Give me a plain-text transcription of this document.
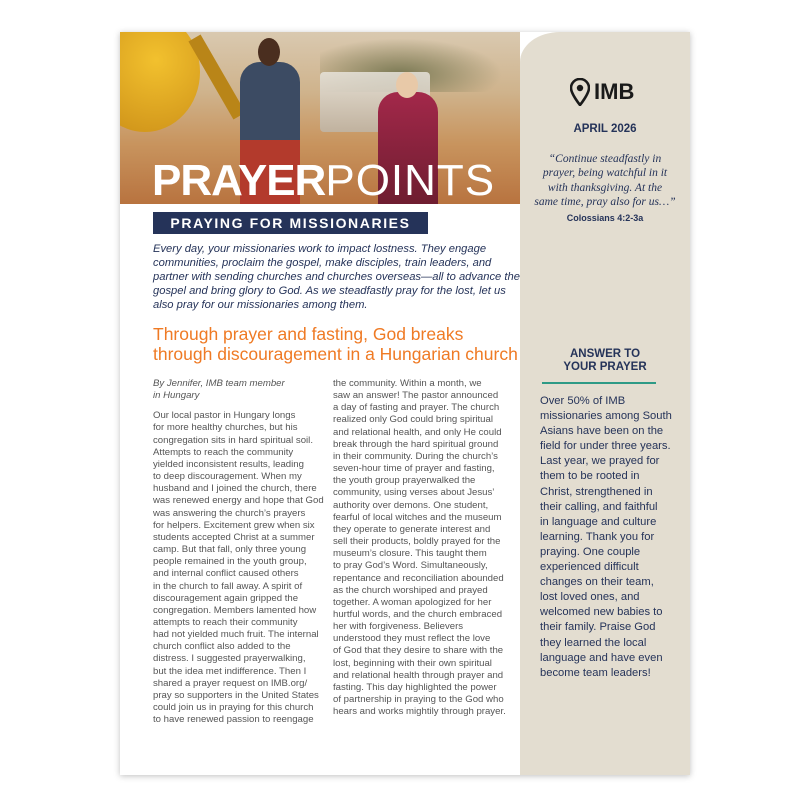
PRAYERPOINTS
PRAYING FOR MISSIONARIES
Every day, your missionaries work to impact lostness. They engage
communities, proclaim the gospel, make disciples, train leaders, and
partner with sending churches and churches overseas—all to advance the
gospel and bring glory to God. As we steadfastly pray for the lost, let us
also pray for our missionaries among them.
Through prayer and fasting, God breaks
through discouragement in a Hungarian church
By Jennifer, IMB team member
in Hungary
Our local pastor in Hungary longs
for more healthy churches, but his
congregation sits in hard spiritual soil.
Attempts to reach the community
yielded inconsistent results, leading
to deep discouragement. When my
husband and I joined the church, there
was renewed energy and hope that God
was answering the church’s prayers
for helpers. Excitement grew when six
students accepted Christ at a summer
camp. But that fall, only three young
people remained in the youth group,
and internal conflict caused others
in the church to fall away. A spirit of
discouragement again gripped the
congregation. Members lamented how
attempts to reach their community
had not yielded much fruit. The internal
church conflict also added to the
distress. I suggested prayerwalking,
but the idea met indifference. Then I
shared a prayer request on IMB.org/
pray so supporters in the United States
could join us in praying for this church
to have renewed passion to reengage
the community. Within a month, we
saw an answer! The pastor announced
a day of fasting and prayer. The church
realized only God could bring spiritual
and relational health, and only He could
break through the hard spiritual ground
in their community. During the church’s
seven-hour time of prayer and fasting,
the youth group prayerwalked the
community, using verses about Jesus’
authority over demons. One student,
fearful of local witches and the museum
they operate to generate interest and
sell their products, boldly prayed for the
museum’s closure. This taught them
to pray God’s Word. Simultaneously,
repentance and reconciliation abounded
as the church worshiped and prayed
together. A woman apologized for her
hurtful words, and the church embraced
her with forgiveness. Believers
understood they must reflect the love
of God that they desire to share with the
lost, beginning with their own spiritual
and relational health through prayer and
fasting. This day highlighted the power
of partnership in praying to the God who
hears and works mightily through prayer.
IMB
APRIL 2026
“Continue steadfastly in
prayer, being watchful in it
with thanksgiving. At the
same time, pray also for us…”
Colossians 4:2-3a
ANSWER TO
YOUR PRAYER
Over 50% of IMB
missionaries among South
Asians have been on the
field for under three years.
Last year, we prayed for
them to be rooted in
Christ, strengthened in
their calling, and faithful
in language and culture
learning. Thank you for
praying. One couple
experienced difficult
changes on their team,
lost loved ones, and
welcomed new babies to
their family. Praise God
they learned the local
language and have even
become team leaders!
